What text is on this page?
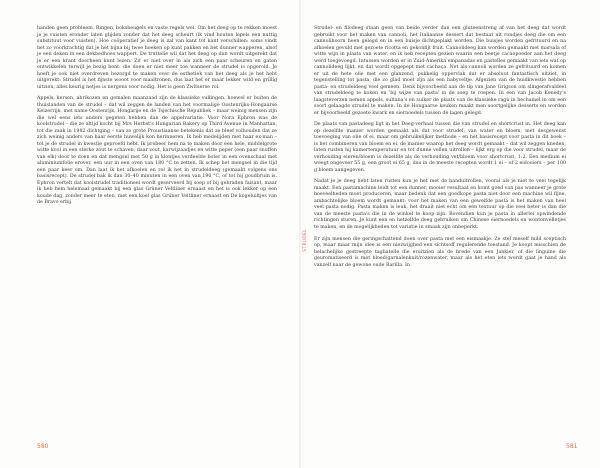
handen geen probleem. Ringen, boksbeugels en vaste regels wel. Om het deeg op te rekken moest je je vuisten eronder laten glijden zonder dat het deeg scheurt (ik vind houten lepels een nuttig substituut voor vuisten). Hoe coöperatief je deeg is zal van kant tot kant verschillen: soms vindt het zo voorkrachtig dat je het bijna bij twee hoeken op kunt pakken en het dunner wapperen, alsof je een deken in een dekbedhoes wappert. De truttelie wil dat het deeg op dun wordt uitgerekt dat je er een krant doorheen kunt lezen. Zit er niet over in als zich een paar scheuren en gaten ontwikkelen terwijl je bezig bent: die doen er niet meer toe wanneer de strudel is opgerold. Je hoeft je ook niet overdreven bezorgd te maken over de esthetiek van het deeg als je het hebt uitgerekt: Strudel is het fijnste wooot voor maaltronen, dus laat het er maar lekker wild en grillig uitzien, alles keurig netjes is nergens voor nodig. Het is geen Zwitserse rol.

Appels, kersen, abrikozen en gemalen maanzaad zijn de klassieke vullingen, hoewel er buiten de thuislanden van de strudel – dat wil zeggen de landen van het voormalige Oostenrijks-Hongaarse Keizerrijk, met name Oostenrijk, Hongarije en de Tsjechische Republiek – maar weinig mensen zijn die wel eens iets anders gegeten hebben dan de appelvariatie. Voor Nora Ephron was de koolstrudel – die ze altijd kocht bij Mrs Herbst's Hungarian Bakery op Third Avenue in Manhattan, tot die zaak in 1982 dichtging – van zo grote Proustiaanse betekenis dat ze bleef volhouden dat ze zich weinig anders van haar eerste huwelijk kon herinneren. Ik heb medelijden met haar ex-man – tot je de strudel in kwestie geproefd hebt. Ik probeer hem na te maken door een hele, middelgrote witte kool in een sterke zout te schaven, daar zout, karwijzaadjes en witte peper (een paar snuffen van elk) door te doen en dat mengsel met 50 g in klontjes verdeelde boter in een ovenschaal met aluminiumfolie erover, een uur in een oven van 180 °C te zetten. Ik schep het mengsel in die tijd een paar keer om. Dan laat ik het afkoelen en rol ik het in strudeldeeg (gemaakt volgens ons basisrecept). De strudel bak ik dan 30–40 minuten in een oven van 190 °C, of tot hij goudbruin is. Ephron vertelt dat koolstrudel traditioneel wordt geserveerd bij soep of bij gebraden faisant, maar ik heb hem helemaal gemaakt bij een glas Grüner Veltliner ernaast en het is ook lekker op een koude dag, zonder meer te eten, met een koel glas Grüner Veltliner ernaast en De kogeluiltjes van de Bravo erbij.

580
STRUDEL

Strudel- en filodeeg staan geen van beide verder dan een gluteenstreng af van het deeg dat wordt gebruikt voor het maken van cannoli, het Italiaanse dessert dat bestaat uit rondjes deeg die om een cannolihoorn heen gelegd en in een buisje dichtgeplakt worden. Die buisjes worden gefrituurd en na afkoelen gevuld met gezoete ricotta en gekonfijt fruit. Cannolideeg kan worden gemaakt met marsala of witte wijn in plaats van water, en ik heb recepten gezien waarin een beetje cacaopoeder aan het deeg werd toegevoegd. Intussen worden er in Zuid-Amerika empanadas en pastelles gemaakt van iets wat op cannolideeg lijkt, en dat wordt opgepept met cachaça. Net als cannoli worden ze gefrituurd en komen er uit de hete olie met een glanzend, pukkelig oppervlak dat er absoluut fantastisch uitziet, in tegenstelling tot pasta, die zo glad moet zijn als een babyveltje. Afgezien van de huidkwestie hebben pasta- en strudeldeeg veel gemeen. Denk bijvoorbeeld aan de tip van Jane Grigson om slingerafvaldeel van strudeldeeg te koken en 'bij wijze van pasta' in de soep te roepen. In een van Jacob Kenedy's laagsteverzen nemen appels, sultana's en suiker de plaats van de klassieke ragù in bechamel in om een soort gelaagde strudel te maken. In de Hongaarse keuken maakt men soortgelijke desserts en worden er bijvoorbeeld gezoete kwark en siernoedels tussen de lagen gelegd.

De plaats van pastadeeg ligt in het Deeg-verhaal tussen die van strudel en shortcrust in. Het deeg kan op dezelfde manier worden gemaakt als dat voor strudel, van water en bloem, met desgewenst toevoeging van olie of ei, maar om gebruikelijker methode – en het basisrecept voor pasta in dit boek – is het combineren van bloem en ei, de manier waarop het deeg wordt gemaakt – dat wil zeggen kneden, laten rusten bij kamertemperatuur en tot dunne vellen uitrollen – lijkt erg op die voor strudel, maar de verhouding eieren/bloem is dezelfde als de verhouding vet/bloem voor shortcrust, 1:2. Een medium ei weegt ongeveer 55 g, een groot ei 65 g, dus in de meeste recepten wordt 1 ei – of 2 eidooiers – per 100 g bloem aangegeven.

Nadat je je deeg hebt laten rusten kun je het met de handuitrollen, vooral als je niet te veel tegelijk maakt. Een pastamachine leidt tot een dunner, mooier resultaat en komt goed van pas wanneer je grote hoeveelheden moet produceren, maar bedenk dat een goedkope pasta niet door een machine wil fijne, ambachtelijke bloem wordt gemaakt: voor het maken van een gewelfde pasta is het maken van heel veel pasta nodig. Pasta maken is leuk, het draait niet echt om een textuur op die veel beter is dan die van de meeste pasta's die in de winkel te koop zijn. Bovendien kun je pasta in allerlei opwindende richtingen sturen. Je kunt een en hetzelfde deeg gebruiken om Chinese eiernoedels en wontonvelletjes te maken, en de mogelijkheden tot variatie in smaak zijn onbeperkt.

Er zijn mensen die geringschattend doen over pasta met een eismaakje. Ze stel meself mild sceptisch op, maar maar mijn idee is een niezwijghed een sichtsoff regulerende toestand. Je koopt misschien de belachelijke gestreepte tagliatelle die eruitzien als de brede van een Jankier, of die linguine die geuromatiseerd is met bloed/garnalenkuit/rozenwater, maar als het eten iets wordt gaat je hand als vanzelf naar de gewone oude Barilla. In

581
